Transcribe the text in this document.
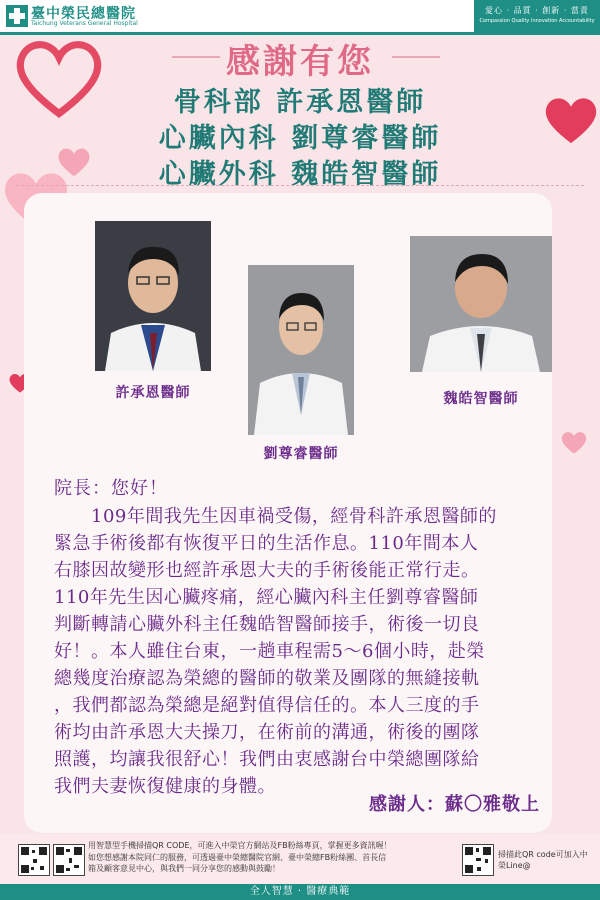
臺中榮民總醫院
Taichung Veterans General Hospital
愛心 · 品質 · 創新 · 當責
Compassion Quality Innovation Accountability
感謝有您
骨科部 許承恩醫師
心臟內科 劉尊睿醫師
心臟外科 魏皓智醫師
許承恩醫師
劉尊睿醫師
魏皓智醫師
院長：您好！

　　109年間我先生因車禍受傷，經骨科許承恩醫師的

緊急手術後都有恢復平日的生活作息。110年間本人

右膝因故變形也經許承恩大夫的手術後能正常行走。

110年先生因心臟疼痛，經心臟內科主任劉尊睿醫師

判斷轉請心臟外科主任魏皓智醫師接手，術後一切良

好！。本人雖住台東，一趟車程需5～6個小時，赴榮

總幾度治療認為榮總的醫師的敬業及團隊的無縫接軌

，我們都認為榮總是絕對值得信任的。本人三度的手

術均由許承恩大夫操刀，在術前的溝通，術後的團隊

照護，均讓我很舒心！我們由衷感謝台中榮總團隊給

我們夫妻恢復健康的身體。

感謝人：蘇〇雅敬上
用智慧型手機掃描QR CODE，可進入中榮官方網站及FB粉絲專頁，掌握更多資訊喔！
如您想感謝本院同仁的服務，可透過臺中榮總醫院官網、臺中榮總FB粉絲團、首長信
箱及顧客意見中心，與我們一同分享您的感動與鼓勵！
掃描此QR code可加入中榮Line@
全人智慧 · 醫療典範
